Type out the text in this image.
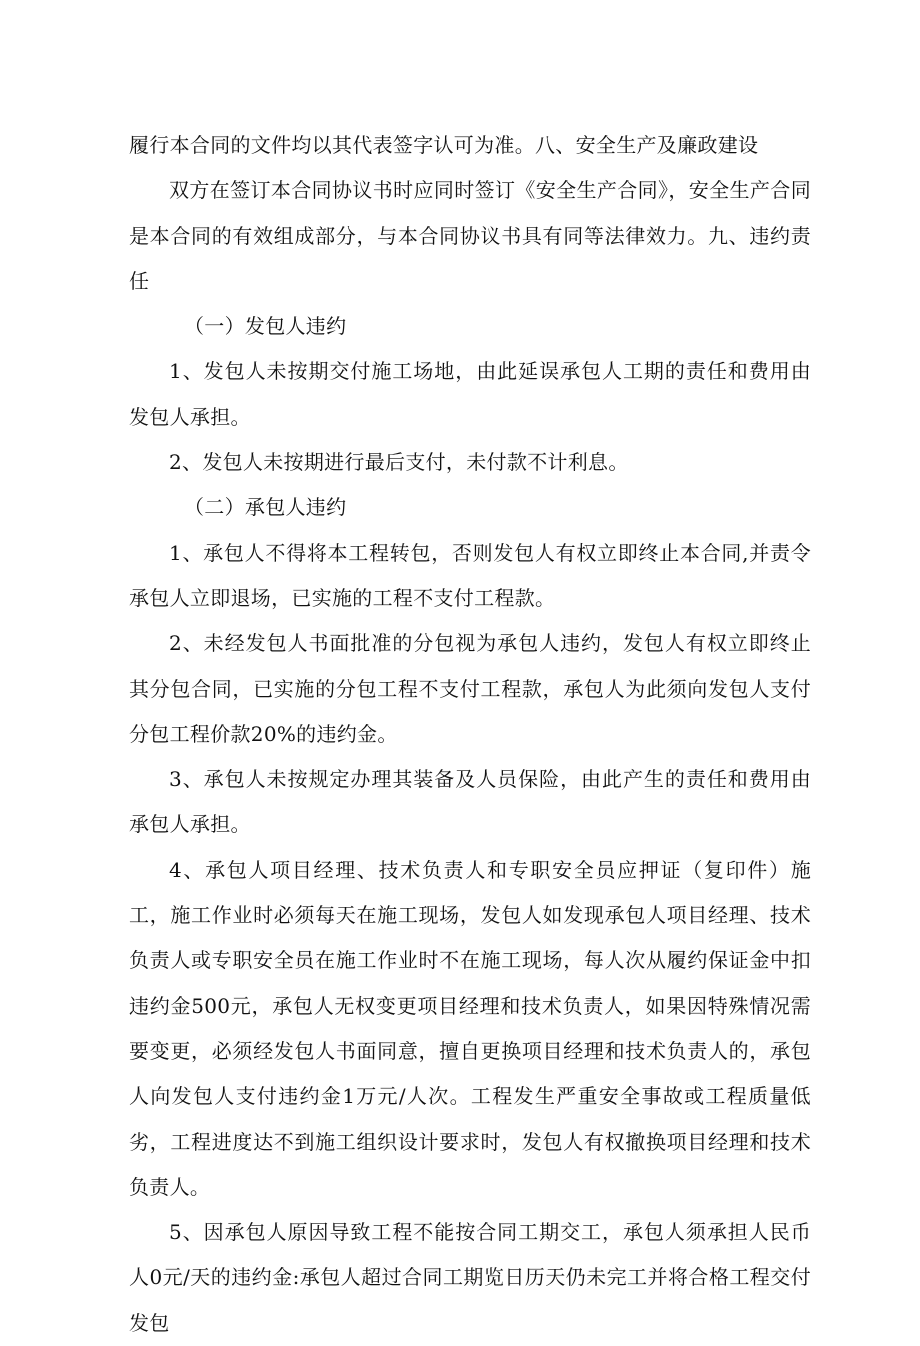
履行本合同的文件均以其代表签字认可为准。八、安全生产及廉政建设

双方在签订本合同协议书时应同时签订《安全生产合同》，安全生产合同是本合同的有效组成部分，与本合同协议书具有同等法律效力。九、违约责任

（一）发包人违约

1、发包人未按期交付施工场地，由此延误承包人工期的责任和费用由发包人承担。

2、发包人未按期进行最后支付，未付款不计利息。

（二）承包人违约

1、承包人不得将本工程转包，否则发包人有权立即终止本合同,并责令承包人立即退场，已实施的工程不支付工程款。

2、未经发包人书面批准的分包视为承包人违约，发包人有权立即终止其分包合同，已实施的分包工程不支付工程款，承包人为此须向发包人支付分包工程价款20%的违约金。

3、承包人未按规定办理其装备及人员保险，由此产生的责任和费用由承包人承担。

4、承包人项目经理、技术负责人和专职安全员应押证（复印件）施工，施工作业时必须每天在施工现场，发包人如发现承包人项目经理、技术负责人或专职安全员在施工作业时不在施工现场，每人次从履约保证金中扣违约金500元，承包人无权变更项目经理和技术负责人，如果因特殊情况需要变更，必须经发包人书面同意，擅自更换项目经理和技术负责人的，承包人向发包人支付违约金1万元/人次。工程发生严重安全事故或工程质量低劣，工程进度达不到施工组织设计要求时，发包人有权撤换项目经理和技术负责人。

5、因承包人原因导致工程不能按合同工期交工，承包人须承担人民币人0元/天的违约金:承包人超过合同工期览日历天仍未完工并将合格工程交付发包
